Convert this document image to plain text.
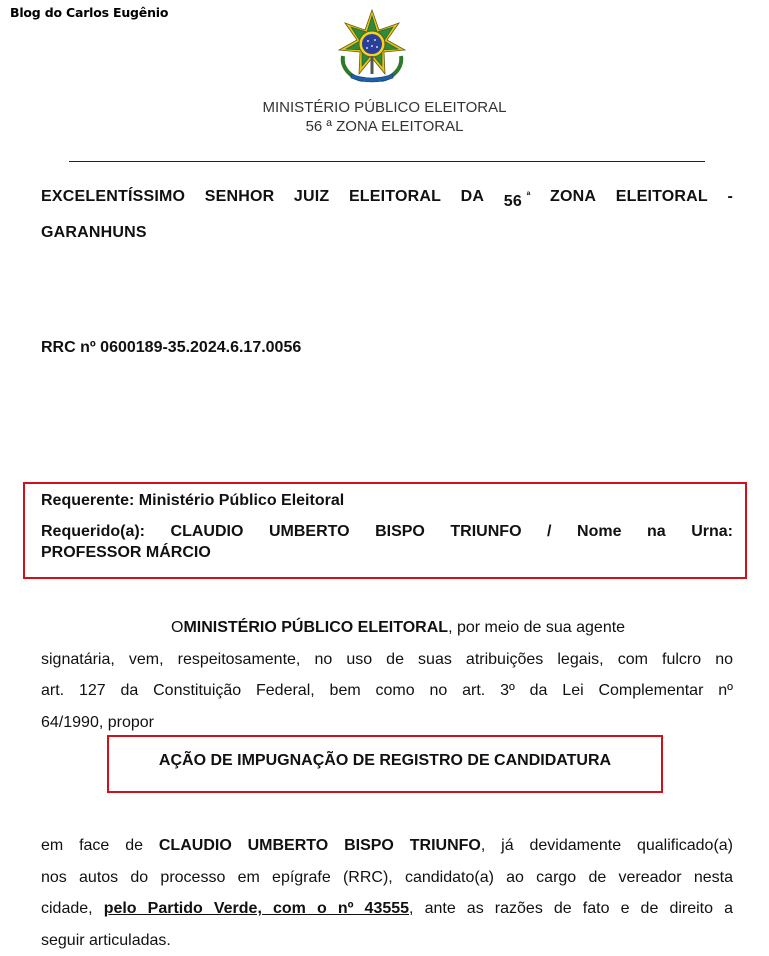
Blog do Carlos Eugênio
MINISTÉRIO PÚBLICO ELEITORAL
56 ª ZONA ELEITORAL
EXCELENTÍSSIMO SENHOR JUIZ ELEITORAL DA 56 $^ª$ ZONA ELEITORAL -
GARANHUNS
RRC nº 0600189-35.2024.6.17.0056
Requerente: Ministério Público Eleitoral
Requerido(a): CLAUDIO UMBERTO BISPO TRIUNFO / Nome na Urna:
PROFESSOR MÁRCIO
O MINISTÉRIO PÚBLICO ELEITORAL , por meio de sua agente
signatária, vem, respeitosamente, no uso de suas atribuições legais, com fulcro no
art. 127 da Constituição Federal, bem como no art. 3º da Lei Complementar nº
64/1990, propor
AÇÃO DE IMPUGNAÇÃO DE REGISTRO DE CANDIDATURA
em face de CLAUDIO UMBERTO BISPO TRIUNFO, já devidamente qualificado(a)
nos autos do processo em epígrafe (RRC), candidato(a) ao cargo de vereador nesta
cidade, pelo Partido Verde, com o nº 43555, ante as razões de fato e de direito a
seguir articuladas.
